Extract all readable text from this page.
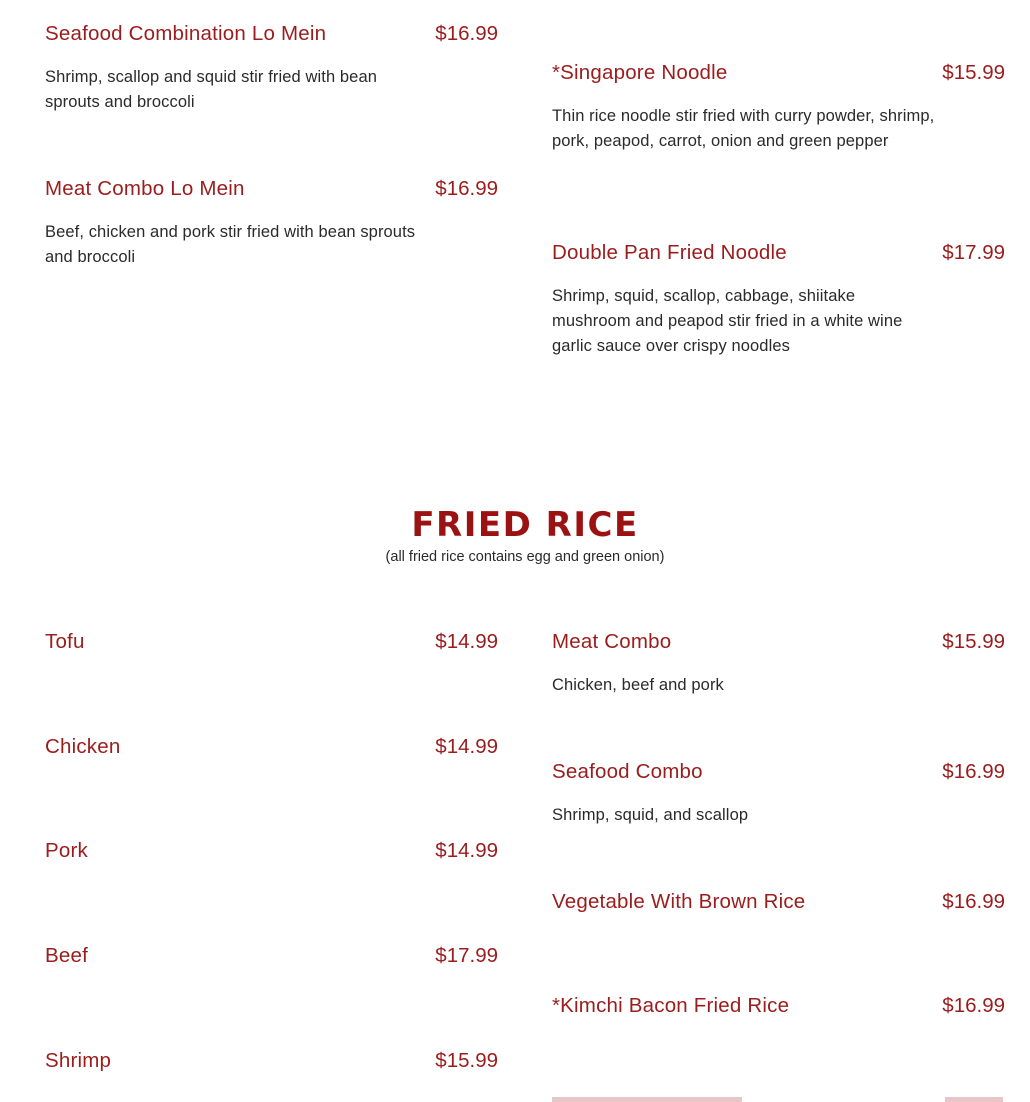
Seafood Combination Lo Mein	$16.99
Shrimp, scallop and squid stir fried with bean sprouts and broccoli
Meat Combo Lo Mein	$16.99
Beef, chicken and pork stir fried with bean sprouts and broccoli
*Singapore Noodle	$15.99
Thin rice noodle stir fried with curry powder, shrimp, pork, peapod, carrot, onion and green pepper
Double Pan Fried Noodle	$17.99
Shrimp, squid, scallop, cabbage, shiitake mushroom and peapod stir fried in a white wine garlic sauce over crispy noodles
FRIED RICE
(all fried rice contains egg and green onion)
Tofu	$14.99
Chicken	$14.99
Pork	$14.99
Beef	$17.99
Shrimp	$15.99
Meat Combo	$15.99
Chicken, beef and pork
Seafood Combo	$16.99
Shrimp, squid, and scallop
Vegetable With Brown Rice	$16.99
*Kimchi Bacon Fried Rice	$16.99
